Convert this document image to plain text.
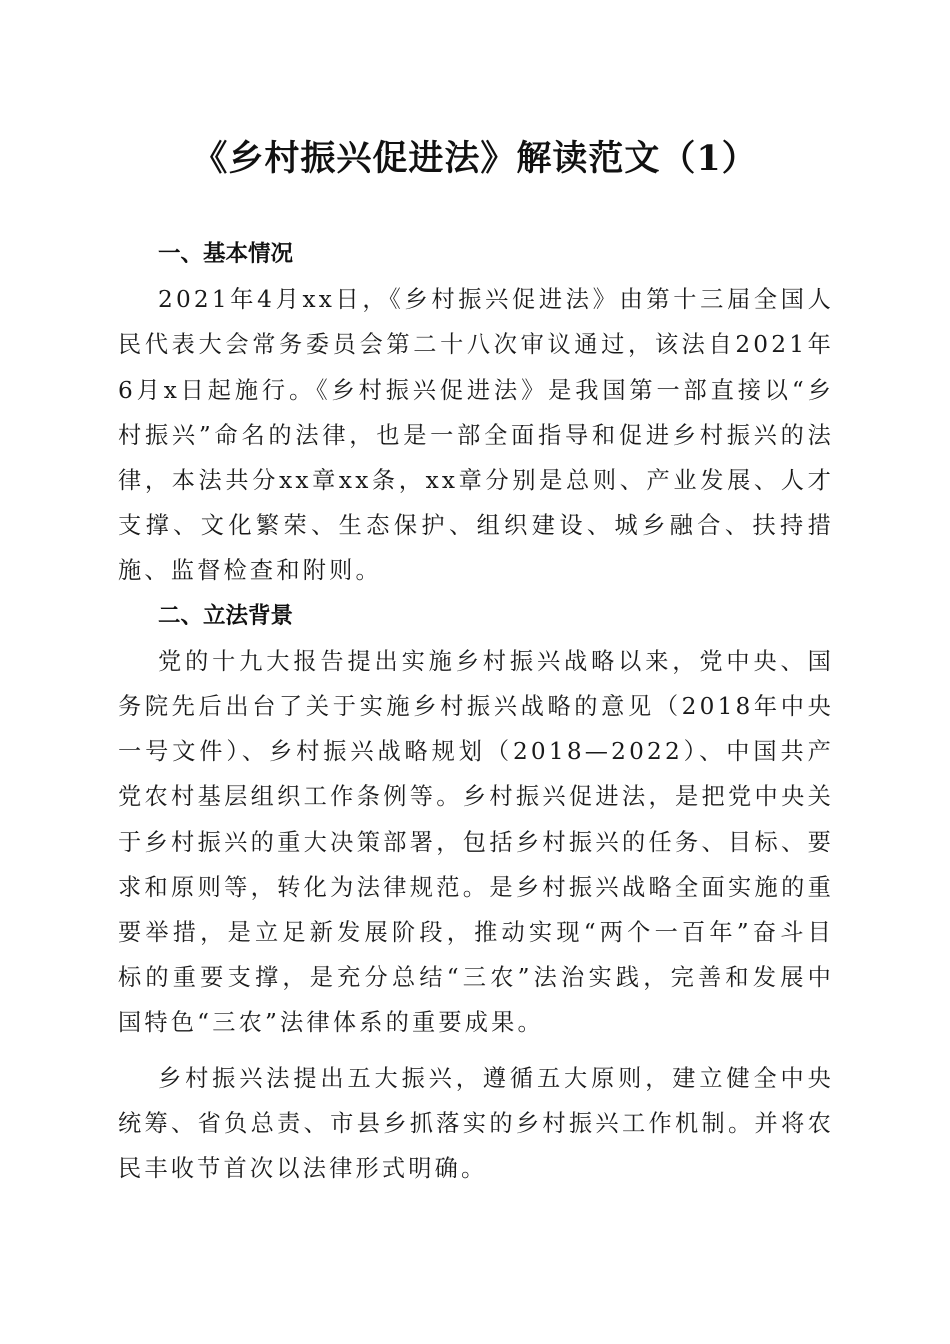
《乡村振兴促进法》解读范文（1）
一、基本情况

2021年4月xx日，《乡村振兴促进法》由第十三届全国人民代表大会常务委员会第二十八次审议通过，该法自2021年6月x日起施行。《乡村振兴促进法》是我国第一部直接以“乡村振兴”命名的法律，也是一部全面指导和促进乡村振兴的法律，本法共分xx章xx条，xx章分别是总则、产业发展、人才支撑、文化繁荣、生态保护、组织建设、城乡融合、扶持措施、监督检查和附则。

二、立法背景

党的十九大报告提出实施乡村振兴战略以来，党中央、国务院先后出台了关于实施乡村振兴战略的意见（2018年中央一号文件）、乡村振兴战略规划（2018—2022）、中国共产党农村基层组织工作条例等。乡村振兴促进法，是把党中央关于乡村振兴的重大决策部署，包括乡村振兴的任务、目标、要求和原则等，转化为法律规范。是乡村振兴战略全面实施的重要举措，是立足新发展阶段，推动实现“两个一百年”奋斗目标的重要支撑，是充分总结“三农”法治实践，完善和发展中国特色“三农”法律体系的重要成果。

乡村振兴法提出五大振兴，遵循五大原则，建立健全中央统筹、省负总责、市县乡抓落实的乡村振兴工作机制。并将农民丰收节首次以法律形式明确。
